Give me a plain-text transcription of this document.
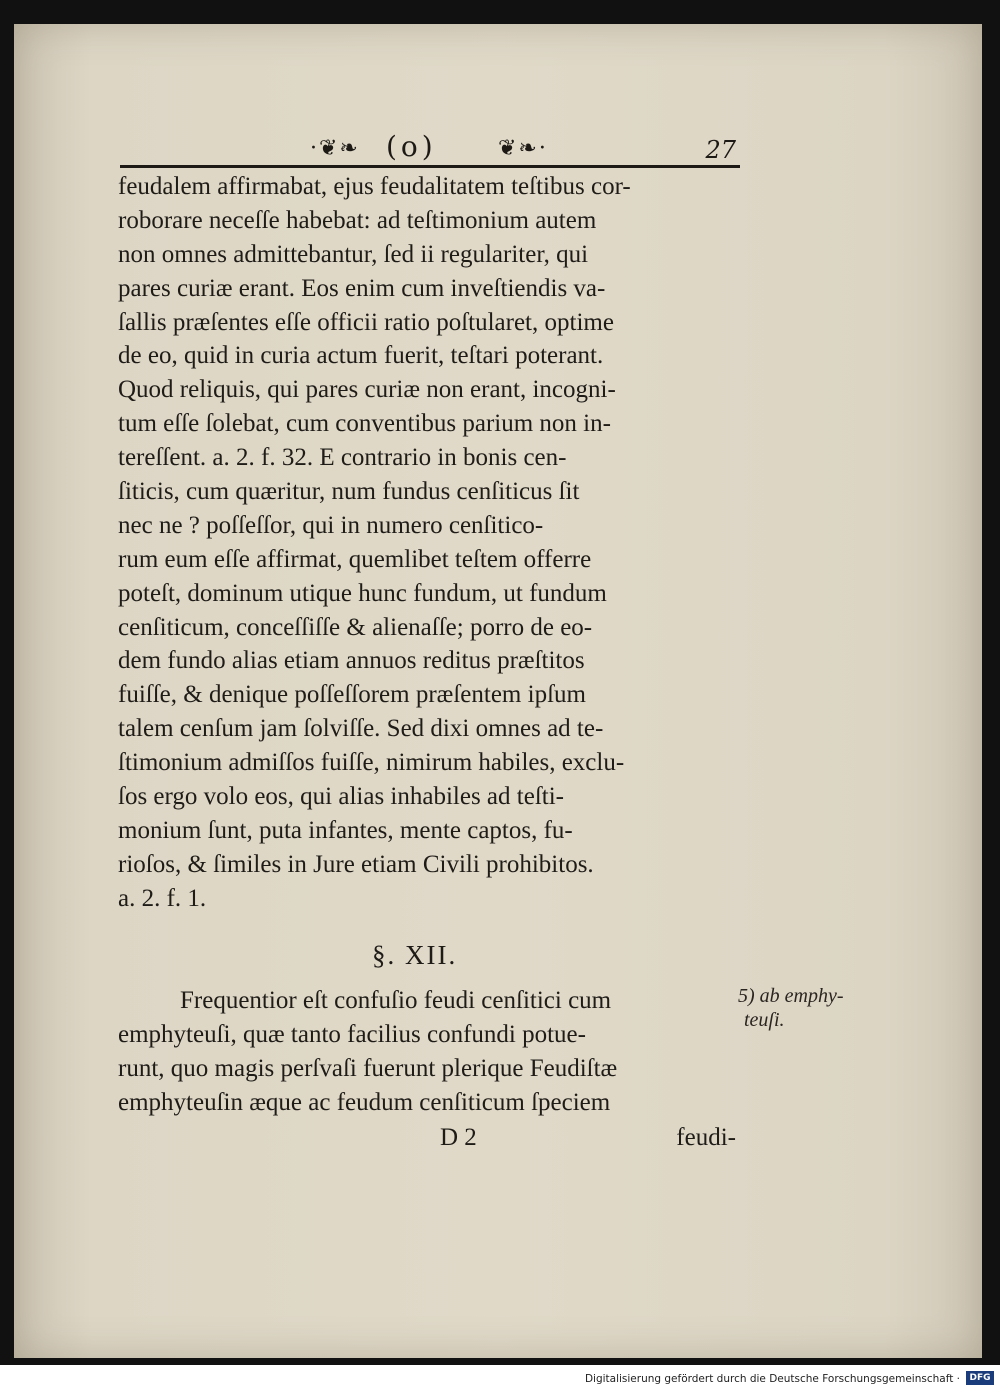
·❦❧ (o)	❦❧·	27
feudalem affirmabat, ejus feudalitatem teſtibus cor-
roborare neceſſe habebat: ad teſtimonium autem
non omnes admittebantur, ſed ii regulariter, qui
pares curiæ erant. Eos enim cum inveſtiendis va-
ſallis præſentes eſſe officii ratio poſtularet, optime
de eo, quid in curia actum fuerit, teſtari poterant.
Quod reliquis, qui pares curiæ non erant, incogni-
tum eſſe ſolebat, cum conventibus parium non in-
tereſſent. a. 2. f. 32. E contrario in bonis cen-
ſiticis, cum quæritur, num fundus cenſiticus ſit
nec ne ? poſſeſſor, qui in numero cenſitico-
rum eum eſſe affirmat, quemlibet teſtem offerre
poteſt, dominum utique hunc fundum, ut fundum
cenſiticum, conceſſiſſe & alienaſſe; porro de eo-
dem fundo alias etiam annuos reditus præſtitos
fuiſſe, & denique poſſeſſorem præſentem ipſum
talem cenſum jam ſolviſſe. Sed dixi omnes ad te-
ſtimonium admiſſos fuiſſe, nimirum habiles, exclu-
ſos ergo volo eos, qui alias inhabiles ad teſti-
monium ſunt, puta infantes, mente captos, fu-
rioſos, & ſimiles in Jure etiam Civili prohibitos.
a. 2. f. 1.
§. XII.
Frequentior eſt confuſio feudi cenſitici cum
emphyteuſi, quæ tanto facilius confundi potue-
runt, quo magis perſvaſi fuerunt plerique Feudiſtæ
emphyteuſin æque ac feudum cenſiticum ſpeciem
5) ab emphy-
teuſi.
D 2	feudi-
Digitalisierung gefördert durch die Deutsche Forschungsgemeinschaft ·	DFG
